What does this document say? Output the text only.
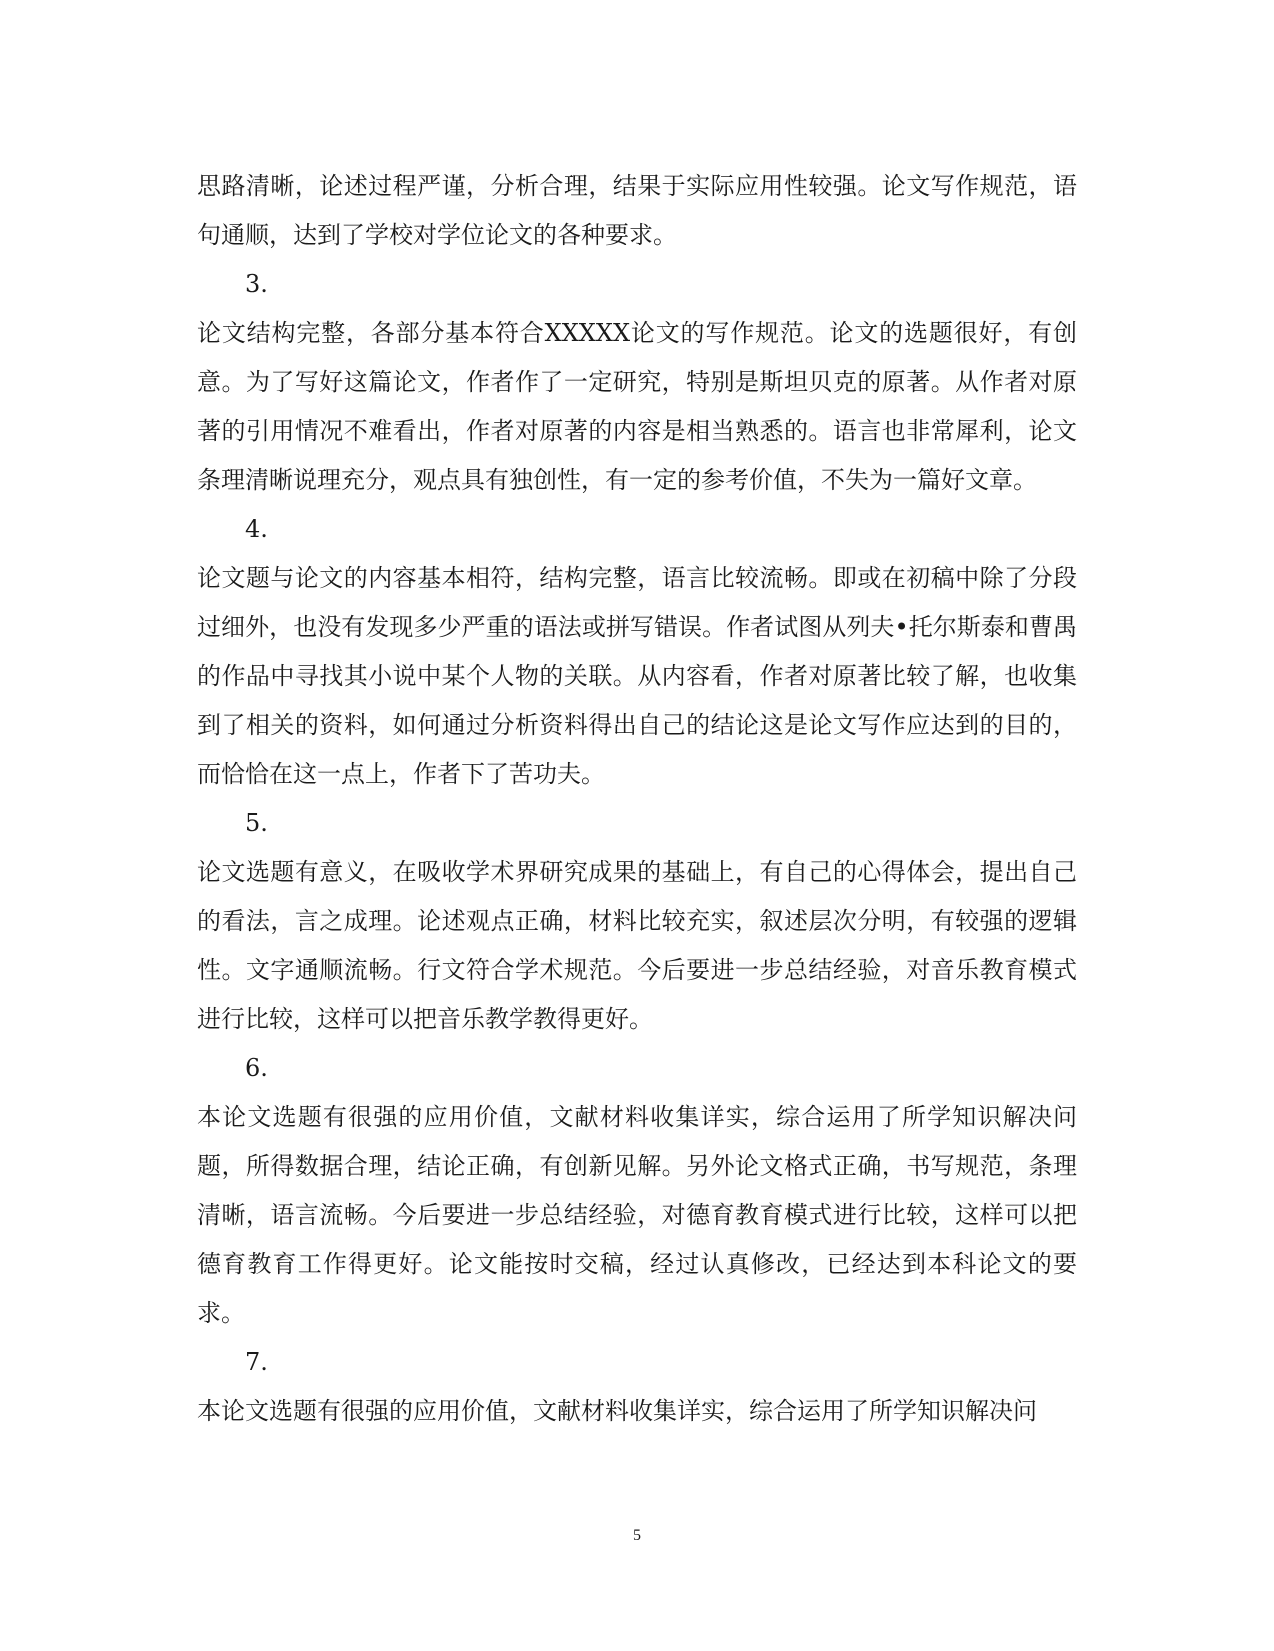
思路清晰，论述过程严谨，分析合理，结果于实际应用性较强。论文写作规范，语句通顺，达到了学校对学位论文的各种要求。

3.

论文结构完整，各部分基本符合XXXXX论文的写作规范。论文的选题很好，有创意。为了写好这篇论文，作者作了一定研究，特别是斯坦贝克的原著。从作者对原著的引用情况不难看出，作者对原著的内容是相当熟悉的。语言也非常犀利，论文条理清晰说理充分，观点具有独创性，有一定的参考价值，不失为一篇好文章。

4.

论文题与论文的内容基本相符，结构完整，语言比较流畅。即或在初稿中除了分段过细外，也没有发现多少严重的语法或拼写错误。作者试图从列夫•托尔斯泰和曹禺的作品中寻找其小说中某个人物的关联。从内容看，作者对原著比较了解，也收集到了相关的资料，如何通过分析资料得出自己的结论这是论文写作应达到的目的，而恰恰在这一点上，作者下了苦功夫。

5.

论文选题有意义，在吸收学术界研究成果的基础上，有自己的心得体会，提出自己的看法，言之成理。论述观点正确，材料比较充实，叙述层次分明，有较强的逻辑性。文字通顺流畅。行文符合学术规范。今后要进一步总结经验，对音乐教育模式进行比较，这样可以把音乐教学教得更好。

6.

本论文选题有很强的应用价值，文献材料收集详实，综合运用了所学知识解决问题，所得数据合理，结论正确，有创新见解。另外论文格式正确，书写规范，条理清晰，语言流畅。今后要进一步总结经验，对德育教育模式进行比较，这样可以把德育教育工作得更好。论文能按时交稿，经过认真修改，已经达到本科论文的要求。

7.

本论文选题有很强的应用价值，文献材料收集详实，综合运用了所学知识解决问

5
